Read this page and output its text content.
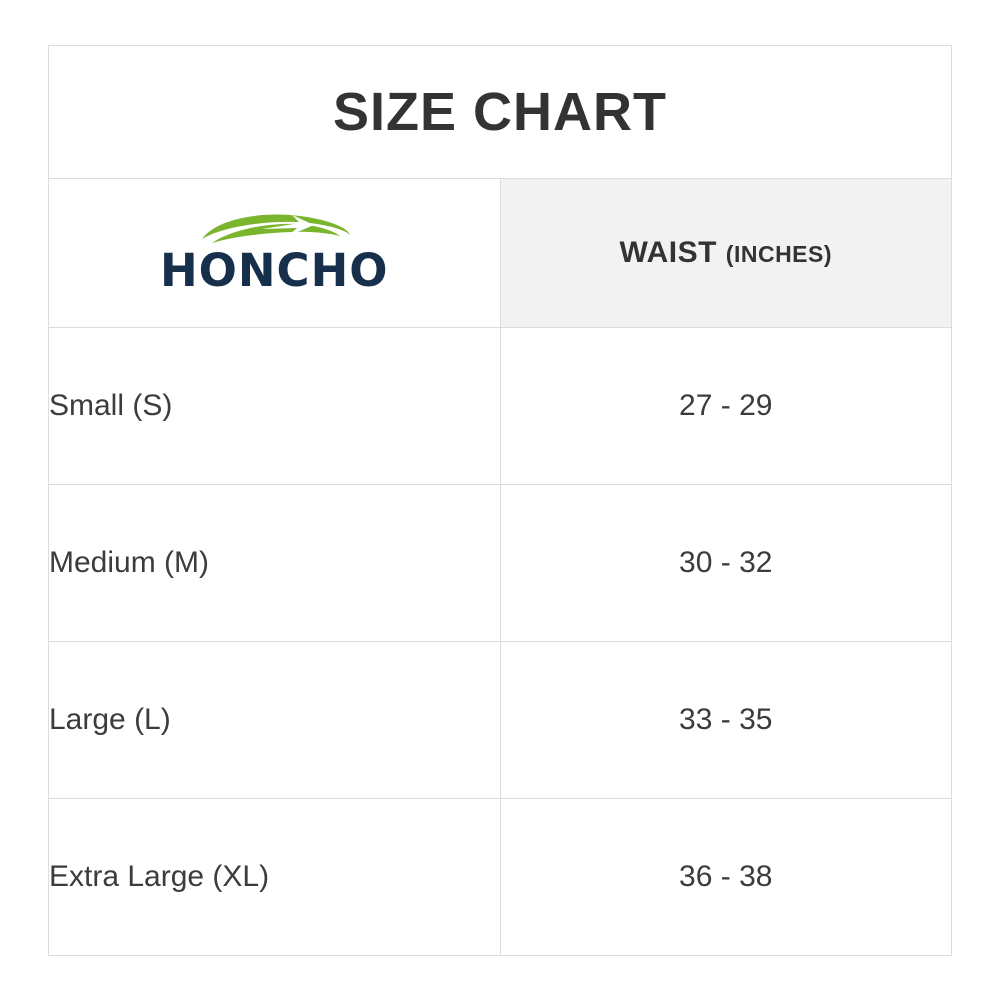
SIZE CHART	

HONCHO	WAIST (INCHES)

Small (S)	27 - 29
Medium (M)	30 - 32
Large (L)	33 - 35
Extra Large (XL)	36 - 38
